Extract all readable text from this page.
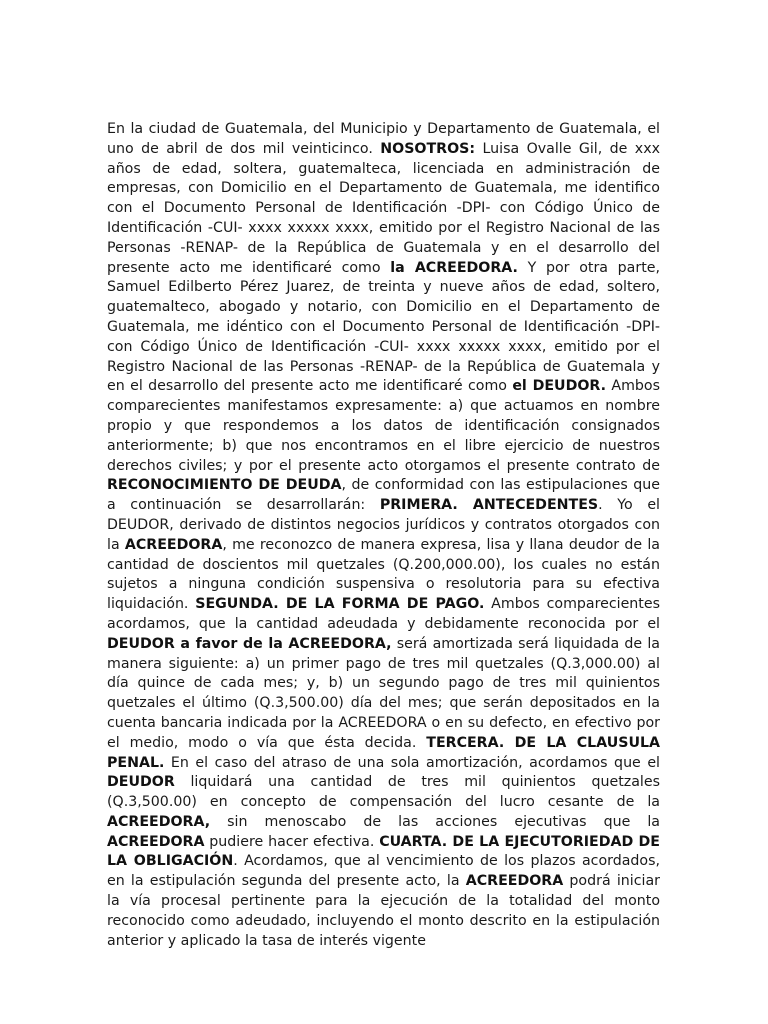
En la ciudad de Guatemala, del Municipio y Departamento de Guatemala, el uno de abril de dos mil veinticinco. NOSOTROS: Luisa Ovalle Gil, de xxx años de edad, soltera, guatemalteca, licenciada en administración de empresas, con Domicilio en el Departamento de Guatemala, me identifico con el Documento Personal de Identificación -DPI- con Código Único de Identificación -CUI- xxxx xxxxx xxxx, emitido por el Registro Nacional de las Personas -RENAP- de la República de Guatemala y en el desarrollo del presente acto me identificaré como la ACREEDORA. Y por otra parte, Samuel Edilberto Pérez Juarez, de treinta y nueve años de edad, soltero, guatemalteco, abogado y notario, con Domicilio en el Departamento de Guatemala, me idéntico con el Documento Personal de Identificación -DPI- con Código Único de Identificación -CUI- xxxx xxxxx xxxx, emitido por el Registro Nacional de las Personas -RENAP- de la República de Guatemala y en el desarrollo del presente acto me identificaré como el DEUDOR. Ambos comparecientes manifestamos expresamente: a) que actuamos en nombre propio y que respondemos a los datos de identificación consignados anteriormente; b) que nos encontramos en el libre ejercicio de nuestros derechos civiles; y por el presente acto otorgamos el presente contrato de RECONOCIMIENTO DE DEUDA, de conformidad con las estipulaciones que a continuación se desarrollarán: PRIMERA. ANTECEDENTES. Yo el DEUDOR, derivado de distintos negocios jurídicos y contratos otorgados con la ACREEDORA, me reconozco de manera expresa, lisa y llana deudor de la cantidad de doscientos mil quetzales (Q.200,000.00), los cuales no están sujetos a ninguna condición suspensiva o resolutoria para su efectiva liquidación. SEGUNDA. DE LA FORMA DE PAGO. Ambos comparecientes acordamos, que la cantidad adeudada y debidamente reconocida por el DEUDOR a favor de la ACREEDORA, será amortizada será liquidada de la manera siguiente: a) un primer pago de tres mil quetzales (Q.3,000.00) al día quince de cada mes; y, b) un segundo pago de tres mil quinientos quetzales el último (Q.3,500.00) día del mes; que serán depositados en la cuenta bancaria indicada por la ACREEDORA o en su defecto, en efectivo por el medio, modo o vía que ésta decida. TERCERA. DE LA CLAUSULA PENAL. En el caso del atraso de una sola amortización, acordamos que el DEUDOR liquidará una cantidad de tres mil quinientos quetzales (Q.3,500.00) en concepto de compensación del lucro cesante de la ACREEDORA, sin menoscabo de las acciones ejecutivas que la ACREEDORA pudiere hacer efectiva. CUARTA. DE LA EJECUTORIEDAD DE LA OBLIGACIÓN. Acordamos, que al vencimiento de los plazos acordados, en la estipulación segunda del presente acto, la ACREEDORA podrá iniciar la vía procesal pertinente para la ejecución de la totalidad del monto reconocido como adeudado, incluyendo el monto descrito en la estipulación anterior y aplicado la tasa de interés vigente
